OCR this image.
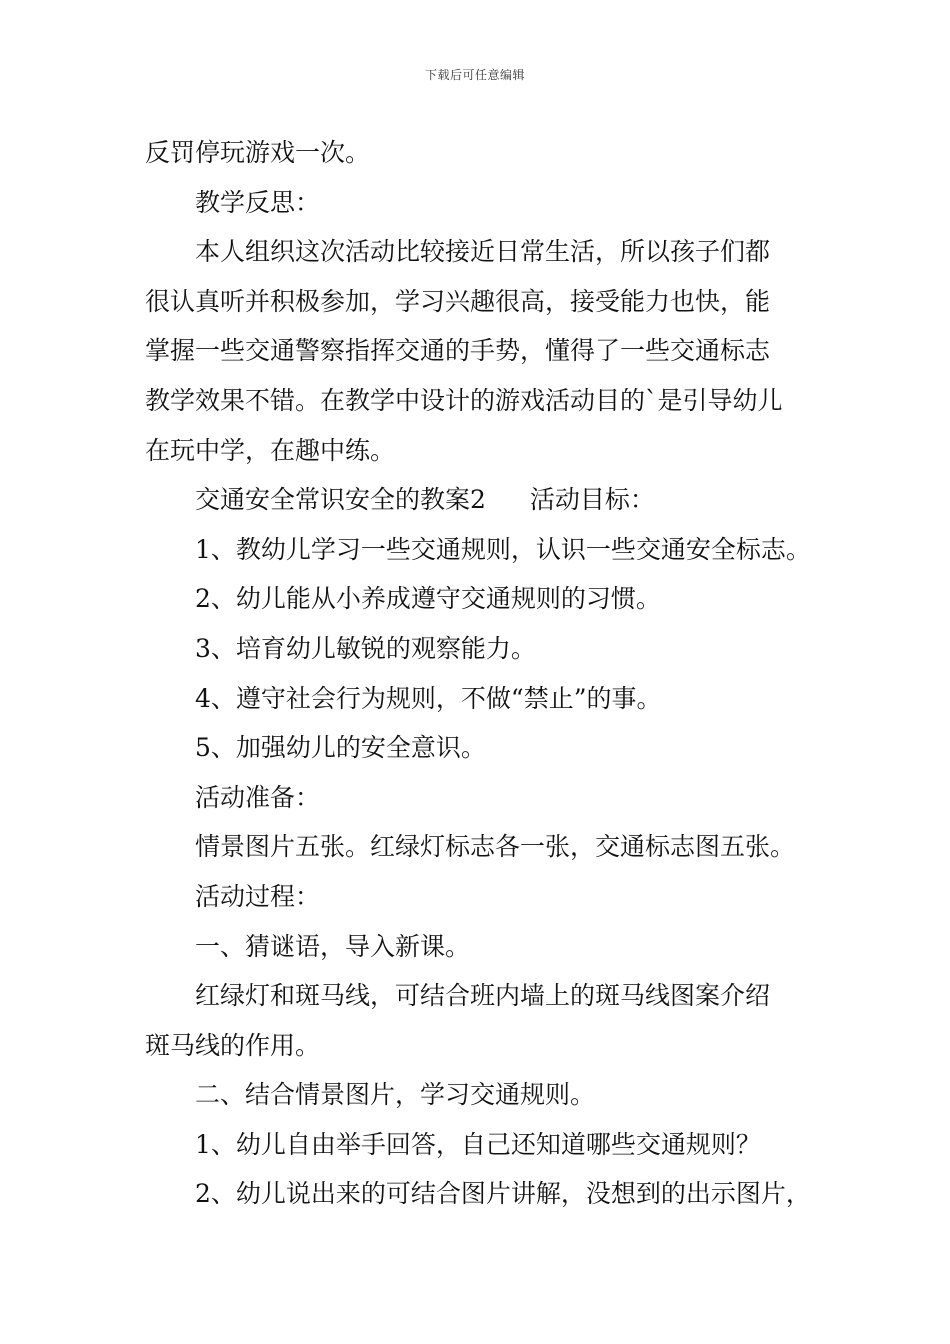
下载后可任意编辑
反罚停玩游戏一次。
教学反思：
本人组织这次活动比较接近日常生活，所以孩子们都
很认真听并积极参加，学习兴趣很高，接受能力也快，能
掌握一些交通警察指挥交通的手势，懂得了一些交通标志
教学效果不错。在教学中设计的游戏活动目的`是引导幼儿
在玩中学，在趣中练。
交通安全常识安全的教案2 活动目标：
1、教幼儿学习一些交通规则，认识一些交通安全标志。
2、幼儿能从小养成遵守交通规则的习惯。
3、培育幼儿敏锐的观察能力。
4、遵守社会行为规则，不做“禁止”的事。
5、加强幼儿的安全意识。
活动准备：
情景图片五张。红绿灯标志各一张，交通标志图五张。
活动过程：
一、猜谜语，导入新课。
红绿灯和斑马线，可结合班内墙上的斑马线图案介绍
斑马线的作用。
二、结合情景图片，学习交通规则。
1、幼儿自由举手回答，自己还知道哪些交通规则？
2、幼儿说出来的可结合图片讲解，没想到的出示图片，
